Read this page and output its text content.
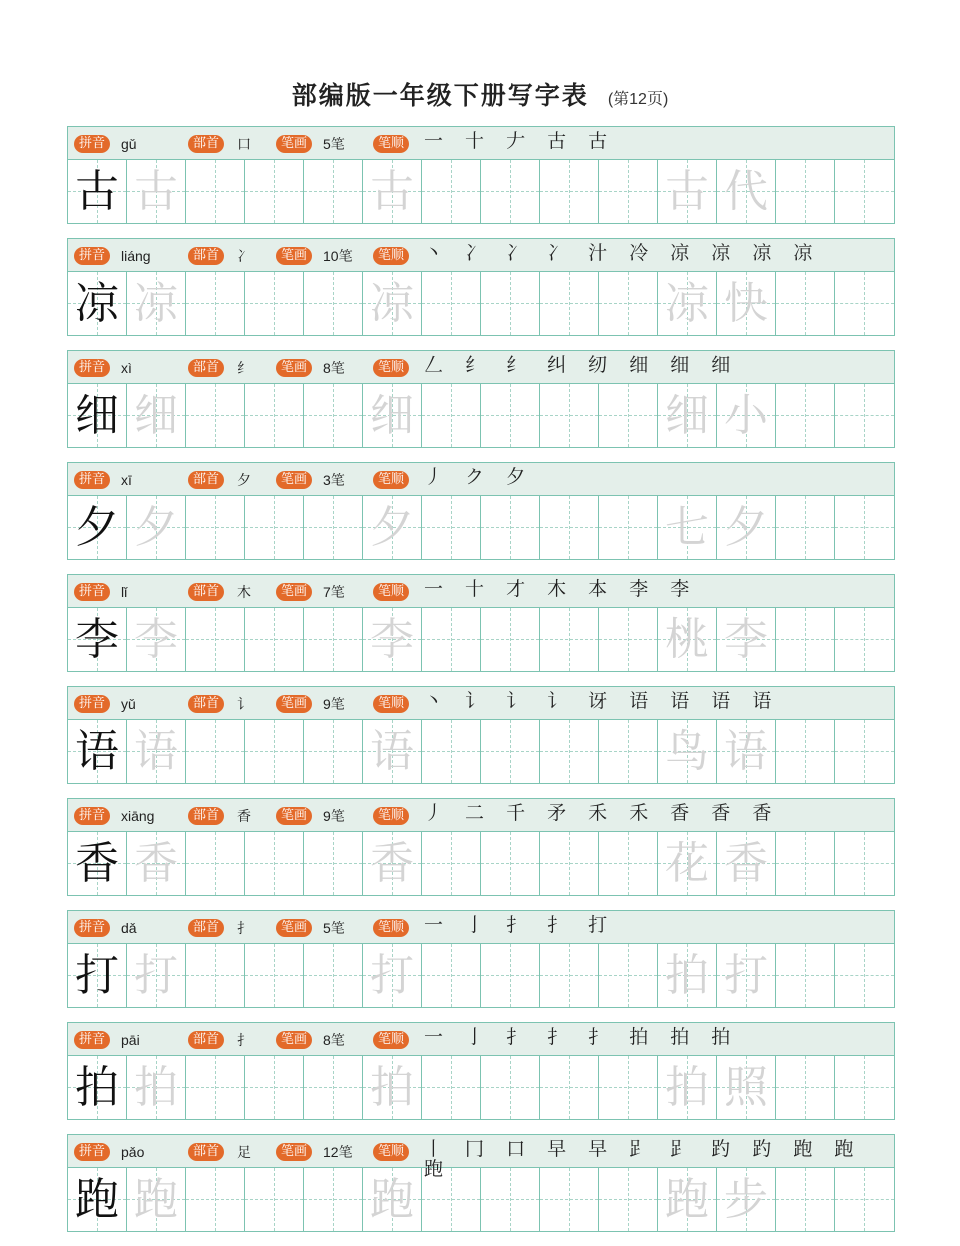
部编版一年级下册写字表 (第12页)
拼音	gǔ	部首	口	笔画	5笔	笔顺 一 十 𠂇 古 古
古 古	古	古 代
拼音	liáng	部首	冫	笔画	10笔	笔顺 丶 冫 冫 冫 汁 冷 凉 凉 凉 凉
凉 凉	凉	凉 快
拼音	xì	部首	纟	笔画	8笔	笔顺 𠃋 纟 纟 纠 纫 细 细 细
细 细	细	细 小
拼音	xī	部首	夕	笔画	3笔	笔顺 丿 ク 夕
夕 夕	夕	七 夕
拼音	lǐ	部首	木	笔画	7笔	笔顺 一 十 才 木 本 李 李
李 李	李	桃 李
拼音	yǔ	部首	讠	笔画	9笔	笔顺 丶 讠 讠 讠 讶 语 语 语 语
语 语	语	鸟 语
拼音	xiāng	部首	香	笔画	9笔	笔顺 丿 二 千 矛 禾 禾 香 香 香
香 香	香	花 香
拼音	dǎ	部首	扌	笔画	5笔	笔顺 一 亅 扌 扌 打
打 打	打	拍 打
拼音	pāi	部首	扌	笔画	8笔	笔顺 一 亅 扌 扌 扌 拍 拍 拍
拍 拍	拍	拍 照
拼音	pǎo	部首	足	笔画	12笔	笔顺 丨 冂 口 早 早 𧾷 𧾷 趵 趵 跑 跑 跑
跑 跑	跑	跑 步
